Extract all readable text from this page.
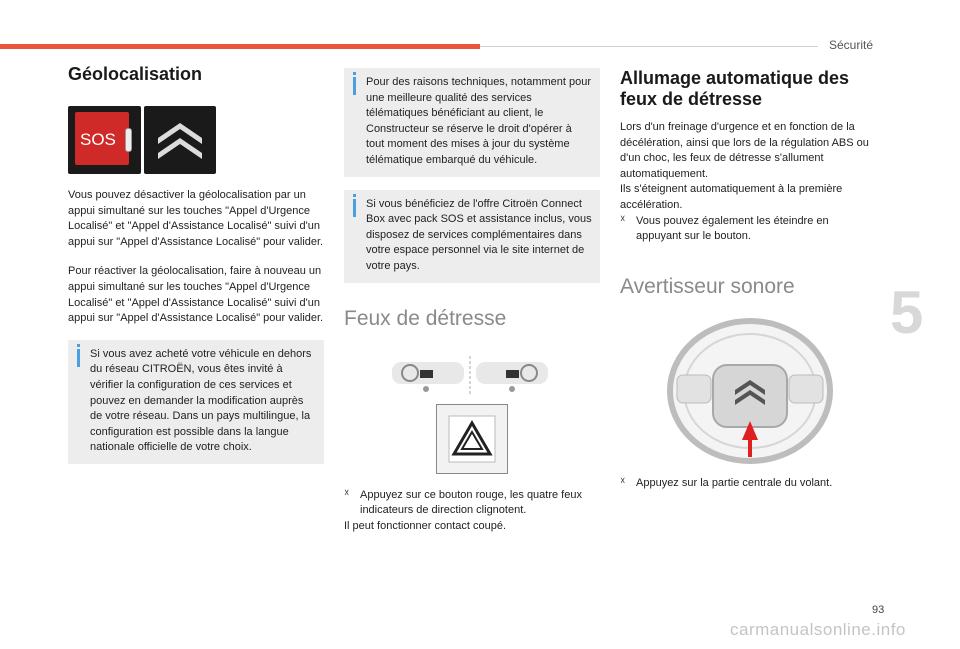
Sécurité
5
93
carmanualsonline.info
Géolocalisation
SOS

Vous pouvez désactiver la géolocalisation par un appui simultané sur les touches "Appel d'Urgence Localisé" et "Appel d'Assistance Localisé" suivi d'un appui sur "Appel d'Assistance Localisé" pour valider.

Pour réactiver la géolocalisation, faire à nouveau un appui simultané sur les touches "Appel d'Urgence Localisé" et "Appel d'Assistance Localisé" suivi d'un appui sur "Appel d'Assistance Localisé" pour valider.

Si vous avez acheté votre véhicule en dehors du réseau CITROËN, vous êtes invité à vérifier la configuration de ces services et pouvez en demander la modification auprès de votre réseau. Dans un pays multilingue, la configuration est possible dans la langue nationale officielle de votre choix.

Pour des raisons techniques, notamment pour une meilleure qualité des services télématiques bénéficiant au client, le Constructeur se réserve le droit d'opérer à tout moment des mises à jour du système télématique embarqué du véhicule.

Si vous bénéficiez de l'offre Citroën Connect Box avec pack SOS et assistance inclus, vous disposez de services complémentaires dans votre espace personnel via le site internet de votre pays.

Feux de détresse
☓ Appuyez sur ce bouton rouge, les quatre feux indicateurs de direction clignotent.

Il peut fonctionner contact coupé.

Allumage automatique des feux de détresse

Lors d'un freinage d'urgence et en fonction de la décélération, ainsi que lors de la régulation ABS ou d'un choc, les feux de détresse s'allument automatiquement.

Ils s'éteignent automatiquement à la première accélération.

☓ Vous pouvez également les éteindre en appuyant sur le bouton.

Avertisseur sonore
☓ Appuyez sur la partie centrale du volant.
